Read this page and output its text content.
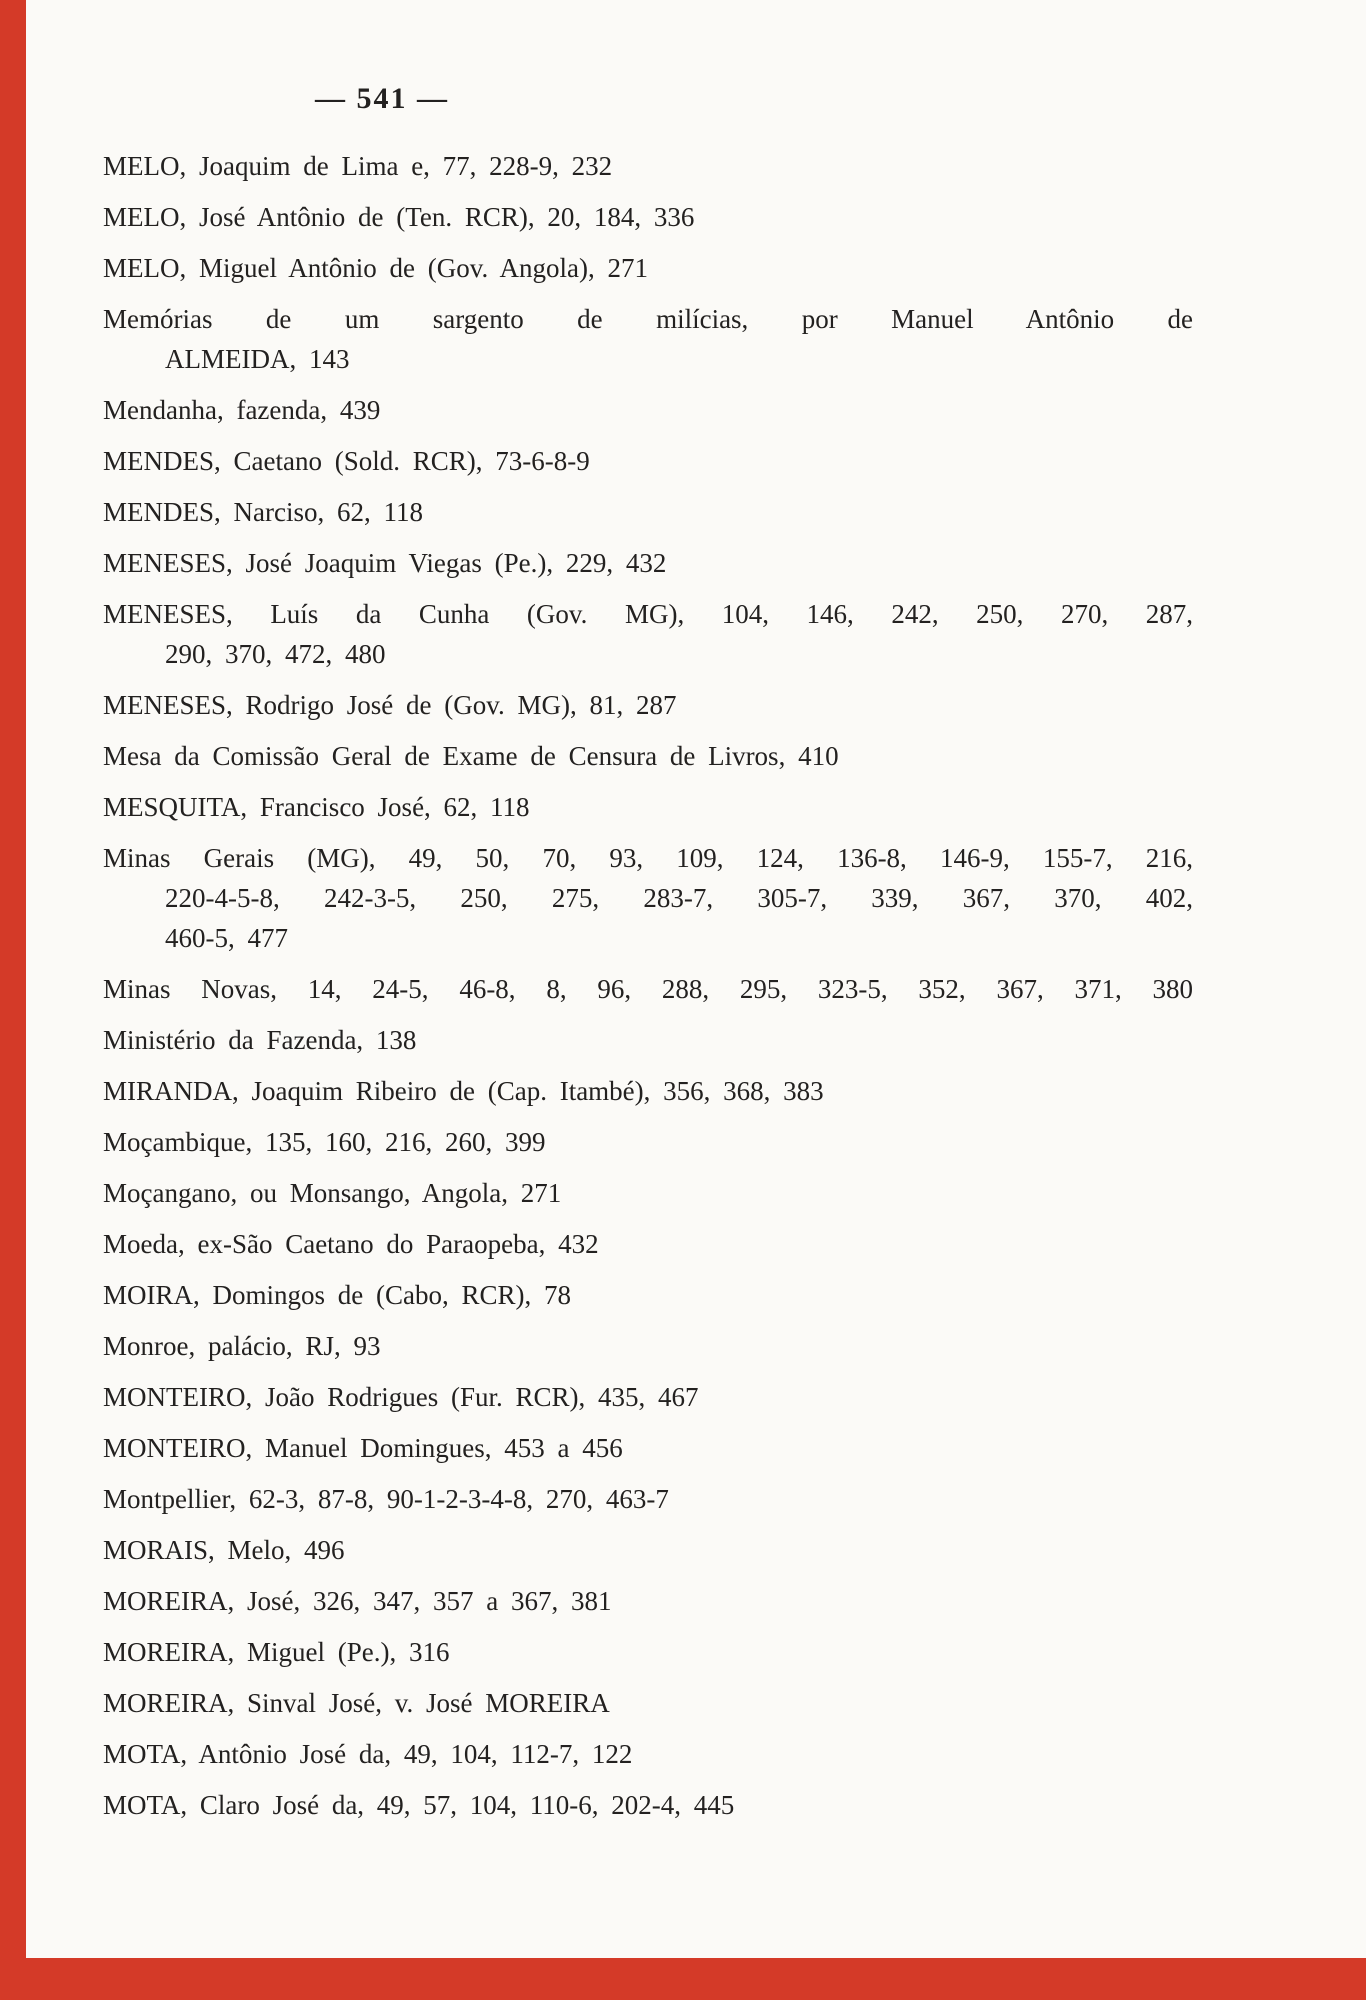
— 541 —
MELO, Joaquim de Lima e, 77, 228-9, 232
MELO, José Antônio de (Ten. RCR), 20, 184, 336
MELO, Miguel Antônio de (Gov. Angola), 271
Memórias de um sargento de milícias, por Manuel Antônio de
ALMEIDA, 143
Mendanha, fazenda, 439
MENDES, Caetano (Sold. RCR), 73-6-8-9
MENDES, Narciso, 62, 118
MENESES, José Joaquim Viegas (Pe.), 229, 432
MENESES, Luís da Cunha (Gov. MG), 104, 146, 242, 250, 270, 287,
290, 370, 472, 480
MENESES, Rodrigo José de (Gov. MG), 81, 287
Mesa da Comissão Geral de Exame de Censura de Livros, 410
MESQUITA, Francisco José, 62, 118
Minas Gerais (MG), 49, 50, 70, 93, 109, 124, 136-8, 146-9, 155-7, 216,
220-4-5-8, 242-3-5, 250, 275, 283-7, 305-7, 339, 367, 370, 402,
460-5, 477
Minas Novas, 14, 24-5, 46-8, 8, 96, 288, 295, 323-5, 352, 367, 371, 380
Ministério da Fazenda, 138
MIRANDA, Joaquim Ribeiro de (Cap. Itambé), 356, 368, 383
Moçambique, 135, 160, 216, 260, 399
Moçangano, ou Monsango, Angola, 271
Moeda, ex-São Caetano do Paraopeba, 432
MOIRA, Domingos de (Cabo, RCR), 78
Monroe, palácio, RJ, 93
MONTEIRO, João Rodrigues (Fur. RCR), 435, 467
MONTEIRO, Manuel Domingues, 453 a 456
Montpellier, 62-3, 87-8, 90-1-2-3-4-8, 270, 463-7
MORAIS, Melo, 496
MOREIRA, José, 326, 347, 357 a 367, 381
MOREIRA, Miguel (Pe.), 316
MOREIRA, Sinval José, v. José MOREIRA
MOTA, Antônio José da, 49, 104, 112-7, 122
MOTA, Claro José da, 49, 57, 104, 110-6, 202-4, 445
